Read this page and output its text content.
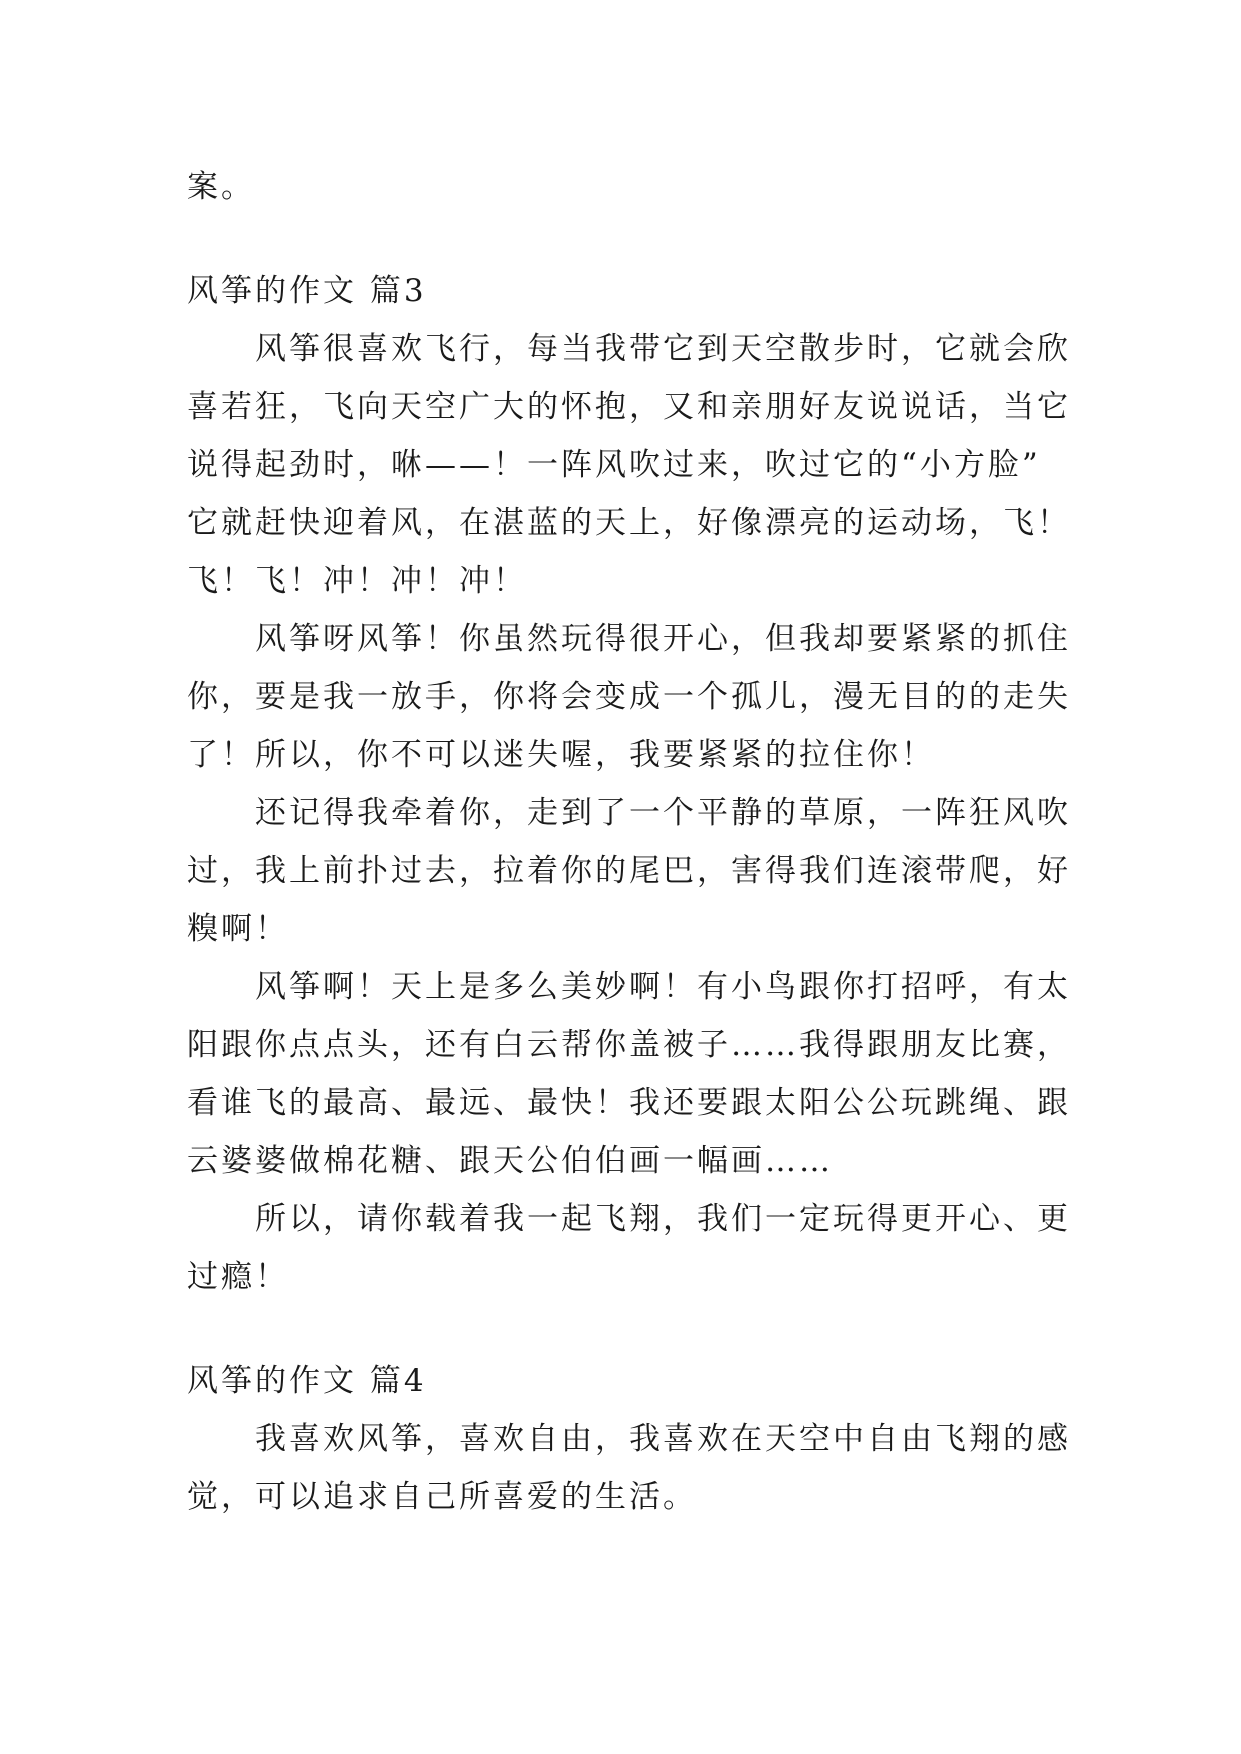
案。
风筝的作文 篇3
　　风筝很喜欢飞行，每当我带它到天空散步时，它就会欣
喜若狂，飞向天空广大的怀抱，又和亲朋好友说说话，当它
说得起劲时，咻——！一阵风吹过来，吹过它的“小方脸”
它就赶快迎着风，在湛蓝的天上，好像漂亮的运动场，飞！
飞！飞！冲！冲！冲！
　　风筝呀风筝！你虽然玩得很开心，但我却要紧紧的抓住
你，要是我一放手，你将会变成一个孤儿，漫无目的的走失
了！所以，你不可以迷失喔，我要紧紧的拉住你！
　　还记得我牵着你，走到了一个平静的草原，一阵狂风吹
过，我上前扑过去，拉着你的尾巴，害得我们连滚带爬，好
糗啊！
　　风筝啊！天上是多么美妙啊！有小鸟跟你打招呼，有太
阳跟你点点头，还有白云帮你盖被子……我得跟朋友比赛，
看谁飞的最高、最远、最快！我还要跟太阳公公玩跳绳、跟
云婆婆做棉花糖、跟天公伯伯画一幅画……
　　所以，请你载着我一起飞翔，我们一定玩得更开心、更
过瘾！
风筝的作文 篇4
　　我喜欢风筝，喜欢自由，我喜欢在天空中自由飞翔的感
觉，可以追求自己所喜爱的生活。
